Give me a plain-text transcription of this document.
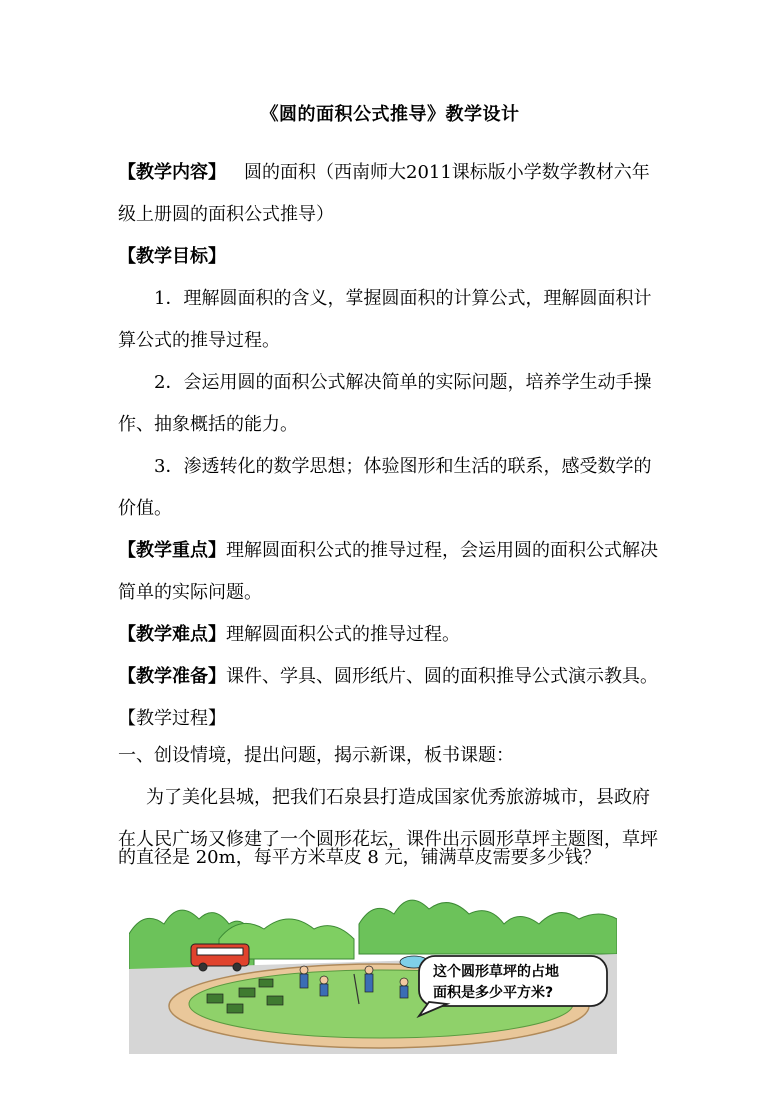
《圆的面积公式推导》教学设计
【教学内容】 圆的面积（西南师大2011课标版小学数学教材六年
级上册圆的面积公式推导）
【教学目标】
1．理解圆面积的含义，掌握圆面积的计算公式，理解圆面积计
算公式的推导过程。
2．会运用圆的面积公式解决简单的实际问题，培养学生动手操
作、抽象概括的能力。
3．渗透转化的数学思想；体验图形和生活的联系，感受数学的
价值。
【教学重点】理解圆面积公式的推导过程，会运用圆的面积公式解决
简单的实际问题。
【教学难点】理解圆面积公式的推导过程。
【教学准备】课件、学具、圆形纸片、圆的面积推导公式演示教具。
【教学过程】
一、创设情境，提出问题，揭示新课，板书课题：
为了美化县城，把我们石泉县打造成国家优秀旅游城市，县政府
在人民广场又修建了一个圆形花坛，课件出示圆形草坪主题图，草坪
的直径是 20m，每平方米草皮 8 元，铺满草皮需要多少钱？
这个圆形草坪的占地
面积是多少平方米?
